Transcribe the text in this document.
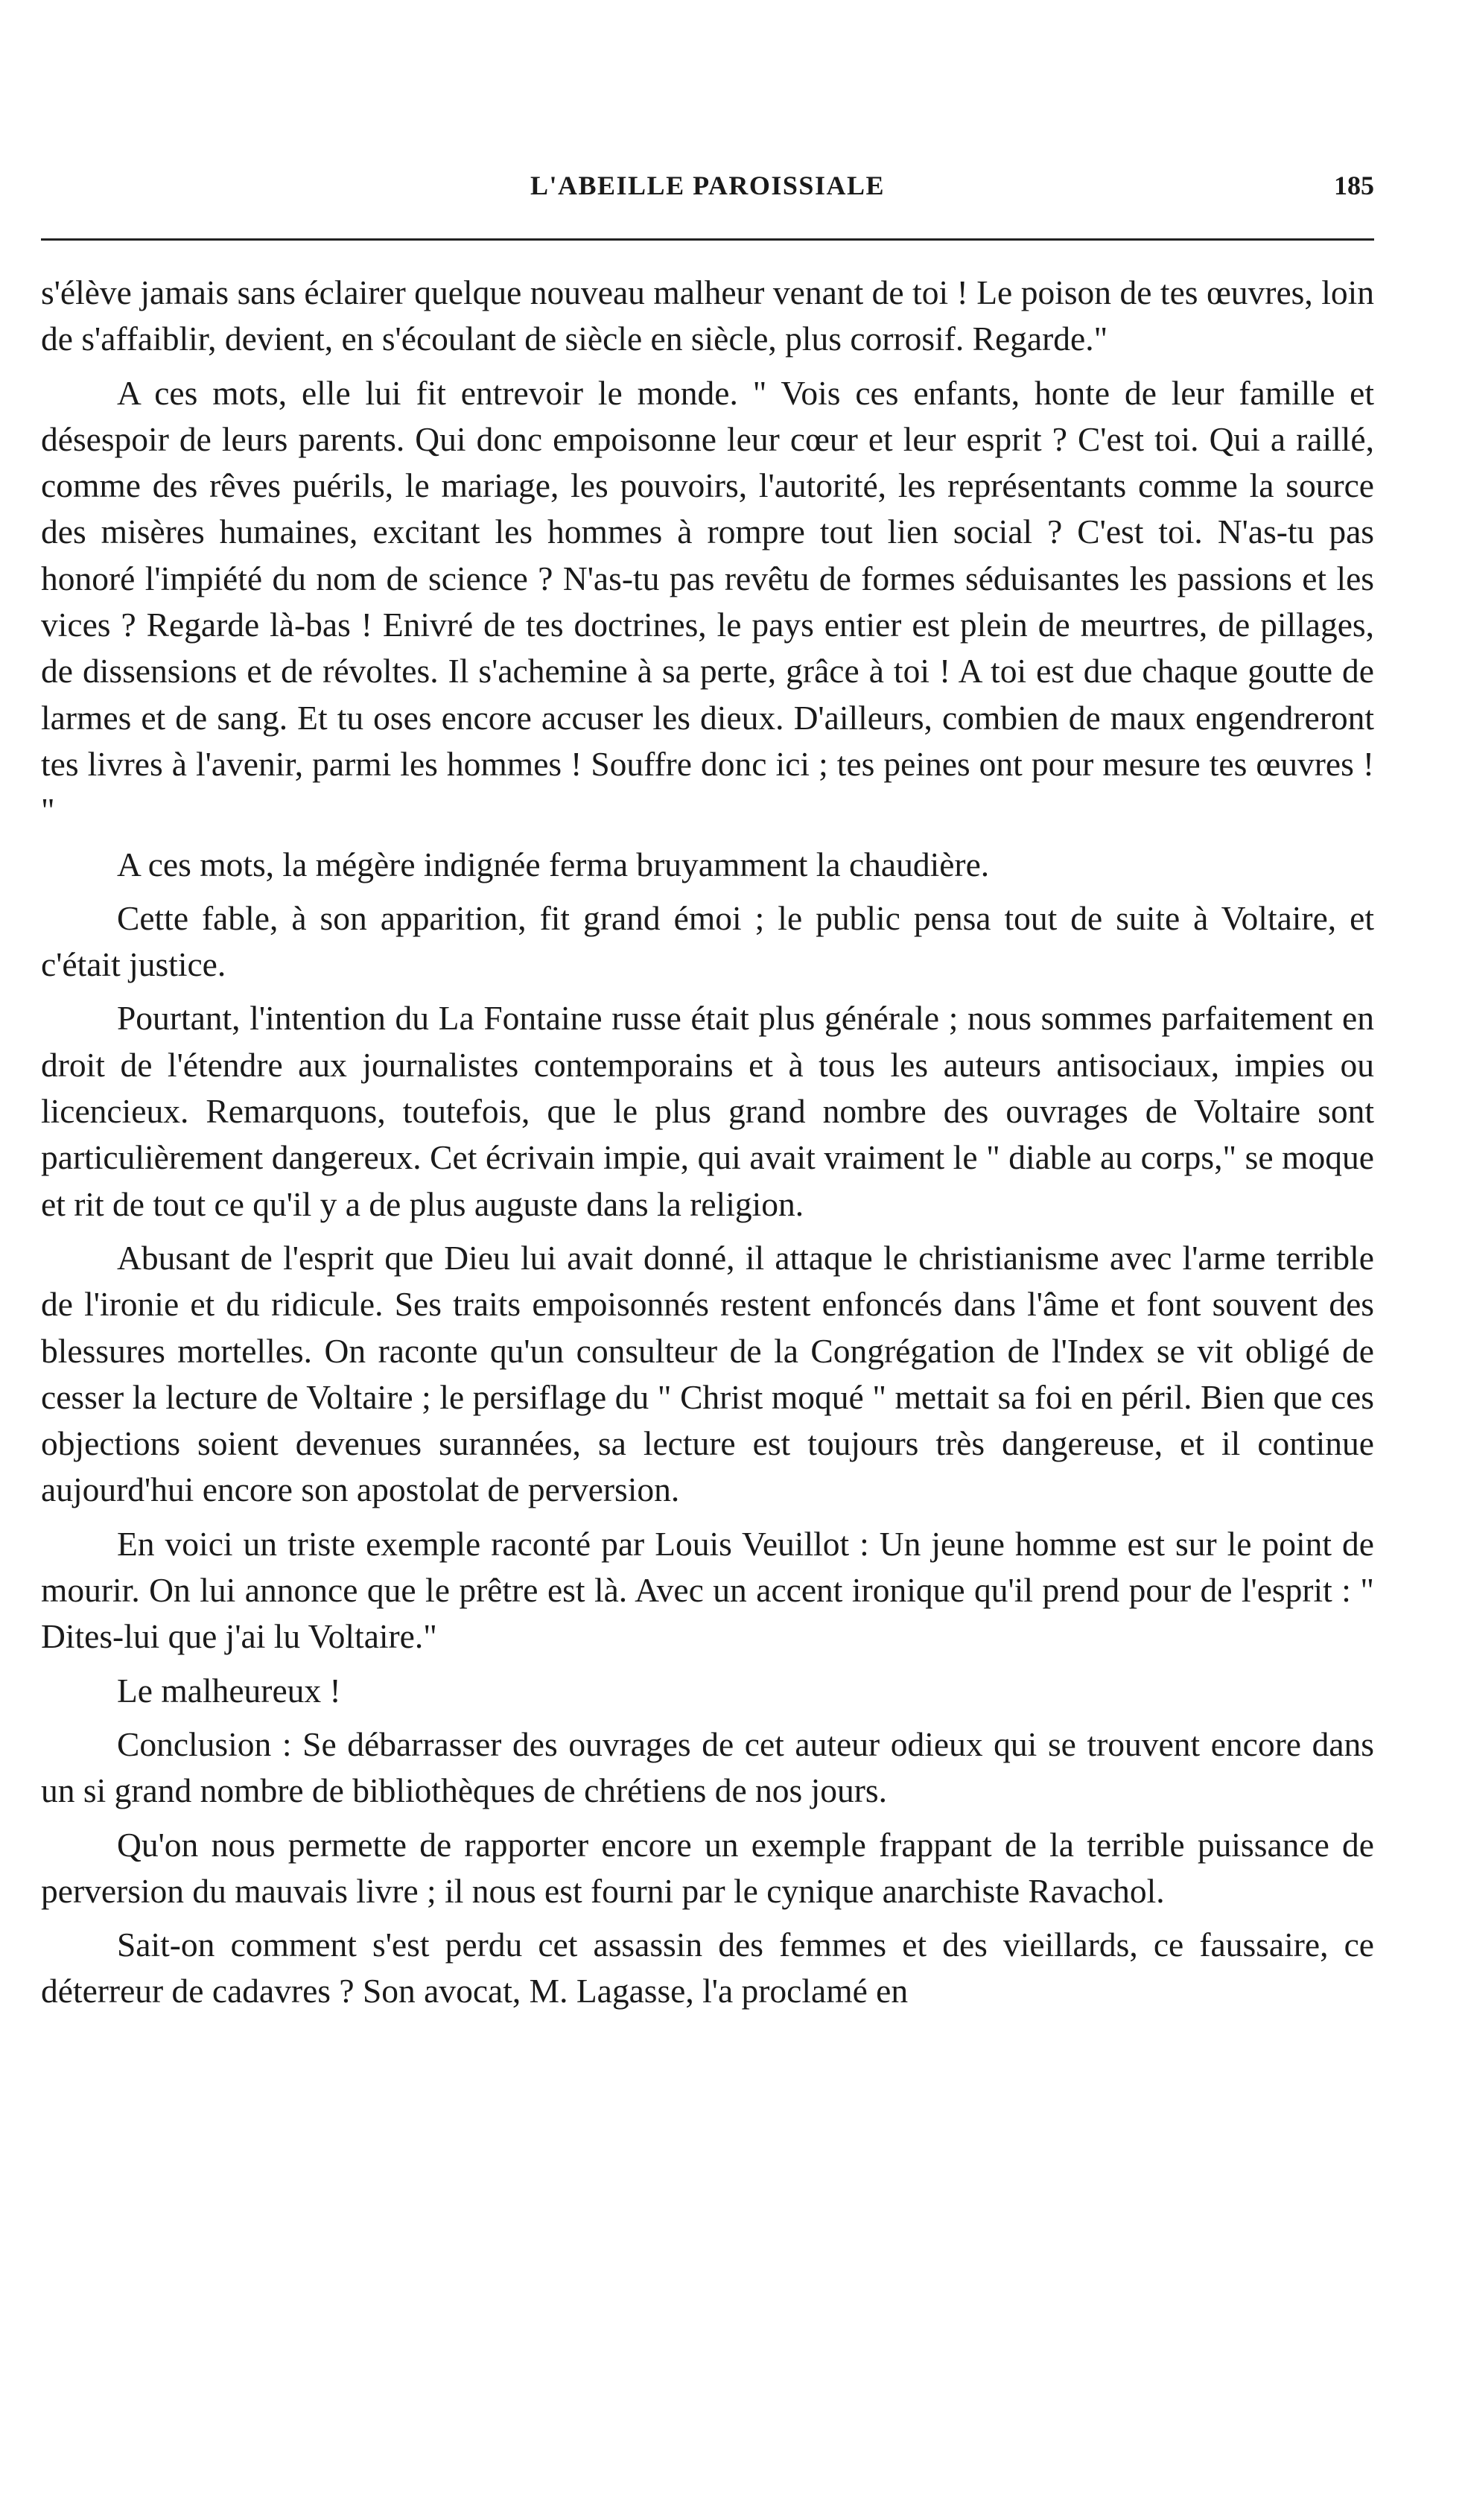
L'ABEILLE PAROISSIALE	185

s'élève jamais sans éclairer quelque nouveau malheur venant de toi ! Le poison de tes œuvres, loin de s'affaiblir, devient, en s'écoulant de siècle en siècle, plus corrosif. Regarde."

A ces mots, elle lui fit entrevoir le monde. " Vois ces enfants, honte de leur famille et désespoir de leurs parents. Qui donc empoisonne leur cœur et leur esprit ? C'est toi. Qui a raillé, comme des rêves puérils, le mariage, les pouvoirs, l'autorité, les représentants comme la source des misères humaines, excitant les hommes à rompre tout lien social ? C'est toi. N'as-tu pas honoré l'impiété du nom de science ? N'as-tu pas revêtu de formes séduisantes les passions et les vices ? Regarde là-bas ! Enivré de tes doctrines, le pays entier est plein de meurtres, de pillages, de dissensions et de révoltes. Il s'achemine à sa perte, grâce à toi ! A toi est due chaque goutte de larmes et de sang. Et tu oses encore accuser les dieux. D'ailleurs, combien de maux engendreront tes livres à l'avenir, parmi les hommes ! Souffre donc ici ; tes peines ont pour mesure tes œuvres ! "

A ces mots, la mégère indignée ferma bruyamment la chaudière.

Cette fable, à son apparition, fit grand émoi ; le public pensa tout de suite à Voltaire, et c'était justice.

Pourtant, l'intention du La Fontaine russe était plus générale ; nous sommes parfaitement en droit de l'étendre aux journalistes contemporains et à tous les auteurs antisociaux, impies ou licencieux. Remarquons, toutefois, que le plus grand nombre des ouvrages de Voltaire sont particulièrement dangereux. Cet écrivain impie, qui avait vraiment le " diable au corps," se moque et rit de tout ce qu'il y a de plus auguste dans la religion.

Abusant de l'esprit que Dieu lui avait donné, il attaque le christianisme avec l'arme terrible de l'ironie et du ridicule. Ses traits empoisonnés restent enfoncés dans l'âme et font souvent des blessures mortelles. On raconte qu'un consulteur de la Congrégation de l'Index se vit obligé de cesser la lecture de Voltaire ; le persiflage du " Christ moqué " mettait sa foi en péril. Bien que ces objections soient devenues surannées, sa lecture est toujours très dangereuse, et il continue aujourd'hui encore son apostolat de perversion.

En voici un triste exemple raconté par Louis Veuillot : Un jeune homme est sur le point de mourir. On lui annonce que le prêtre est là. Avec un accent ironique qu'il prend pour de l'esprit : " Dites-lui que j'ai lu Voltaire."

Le malheureux !

Conclusion : Se débarrasser des ouvrages de cet auteur odieux qui se trouvent encore dans un si grand nombre de bibliothèques de chrétiens de nos jours.

Qu'on nous permette de rapporter encore un exemple frappant de la terrible puissance de perversion du mauvais livre ; il nous est fourni par le cynique anarchiste Ravachol.

Sait-on comment s'est perdu cet assassin des femmes et des vieillards, ce faussaire, ce déterreur de cadavres ? Son avocat, M. Lagasse, l'a proclamé en
